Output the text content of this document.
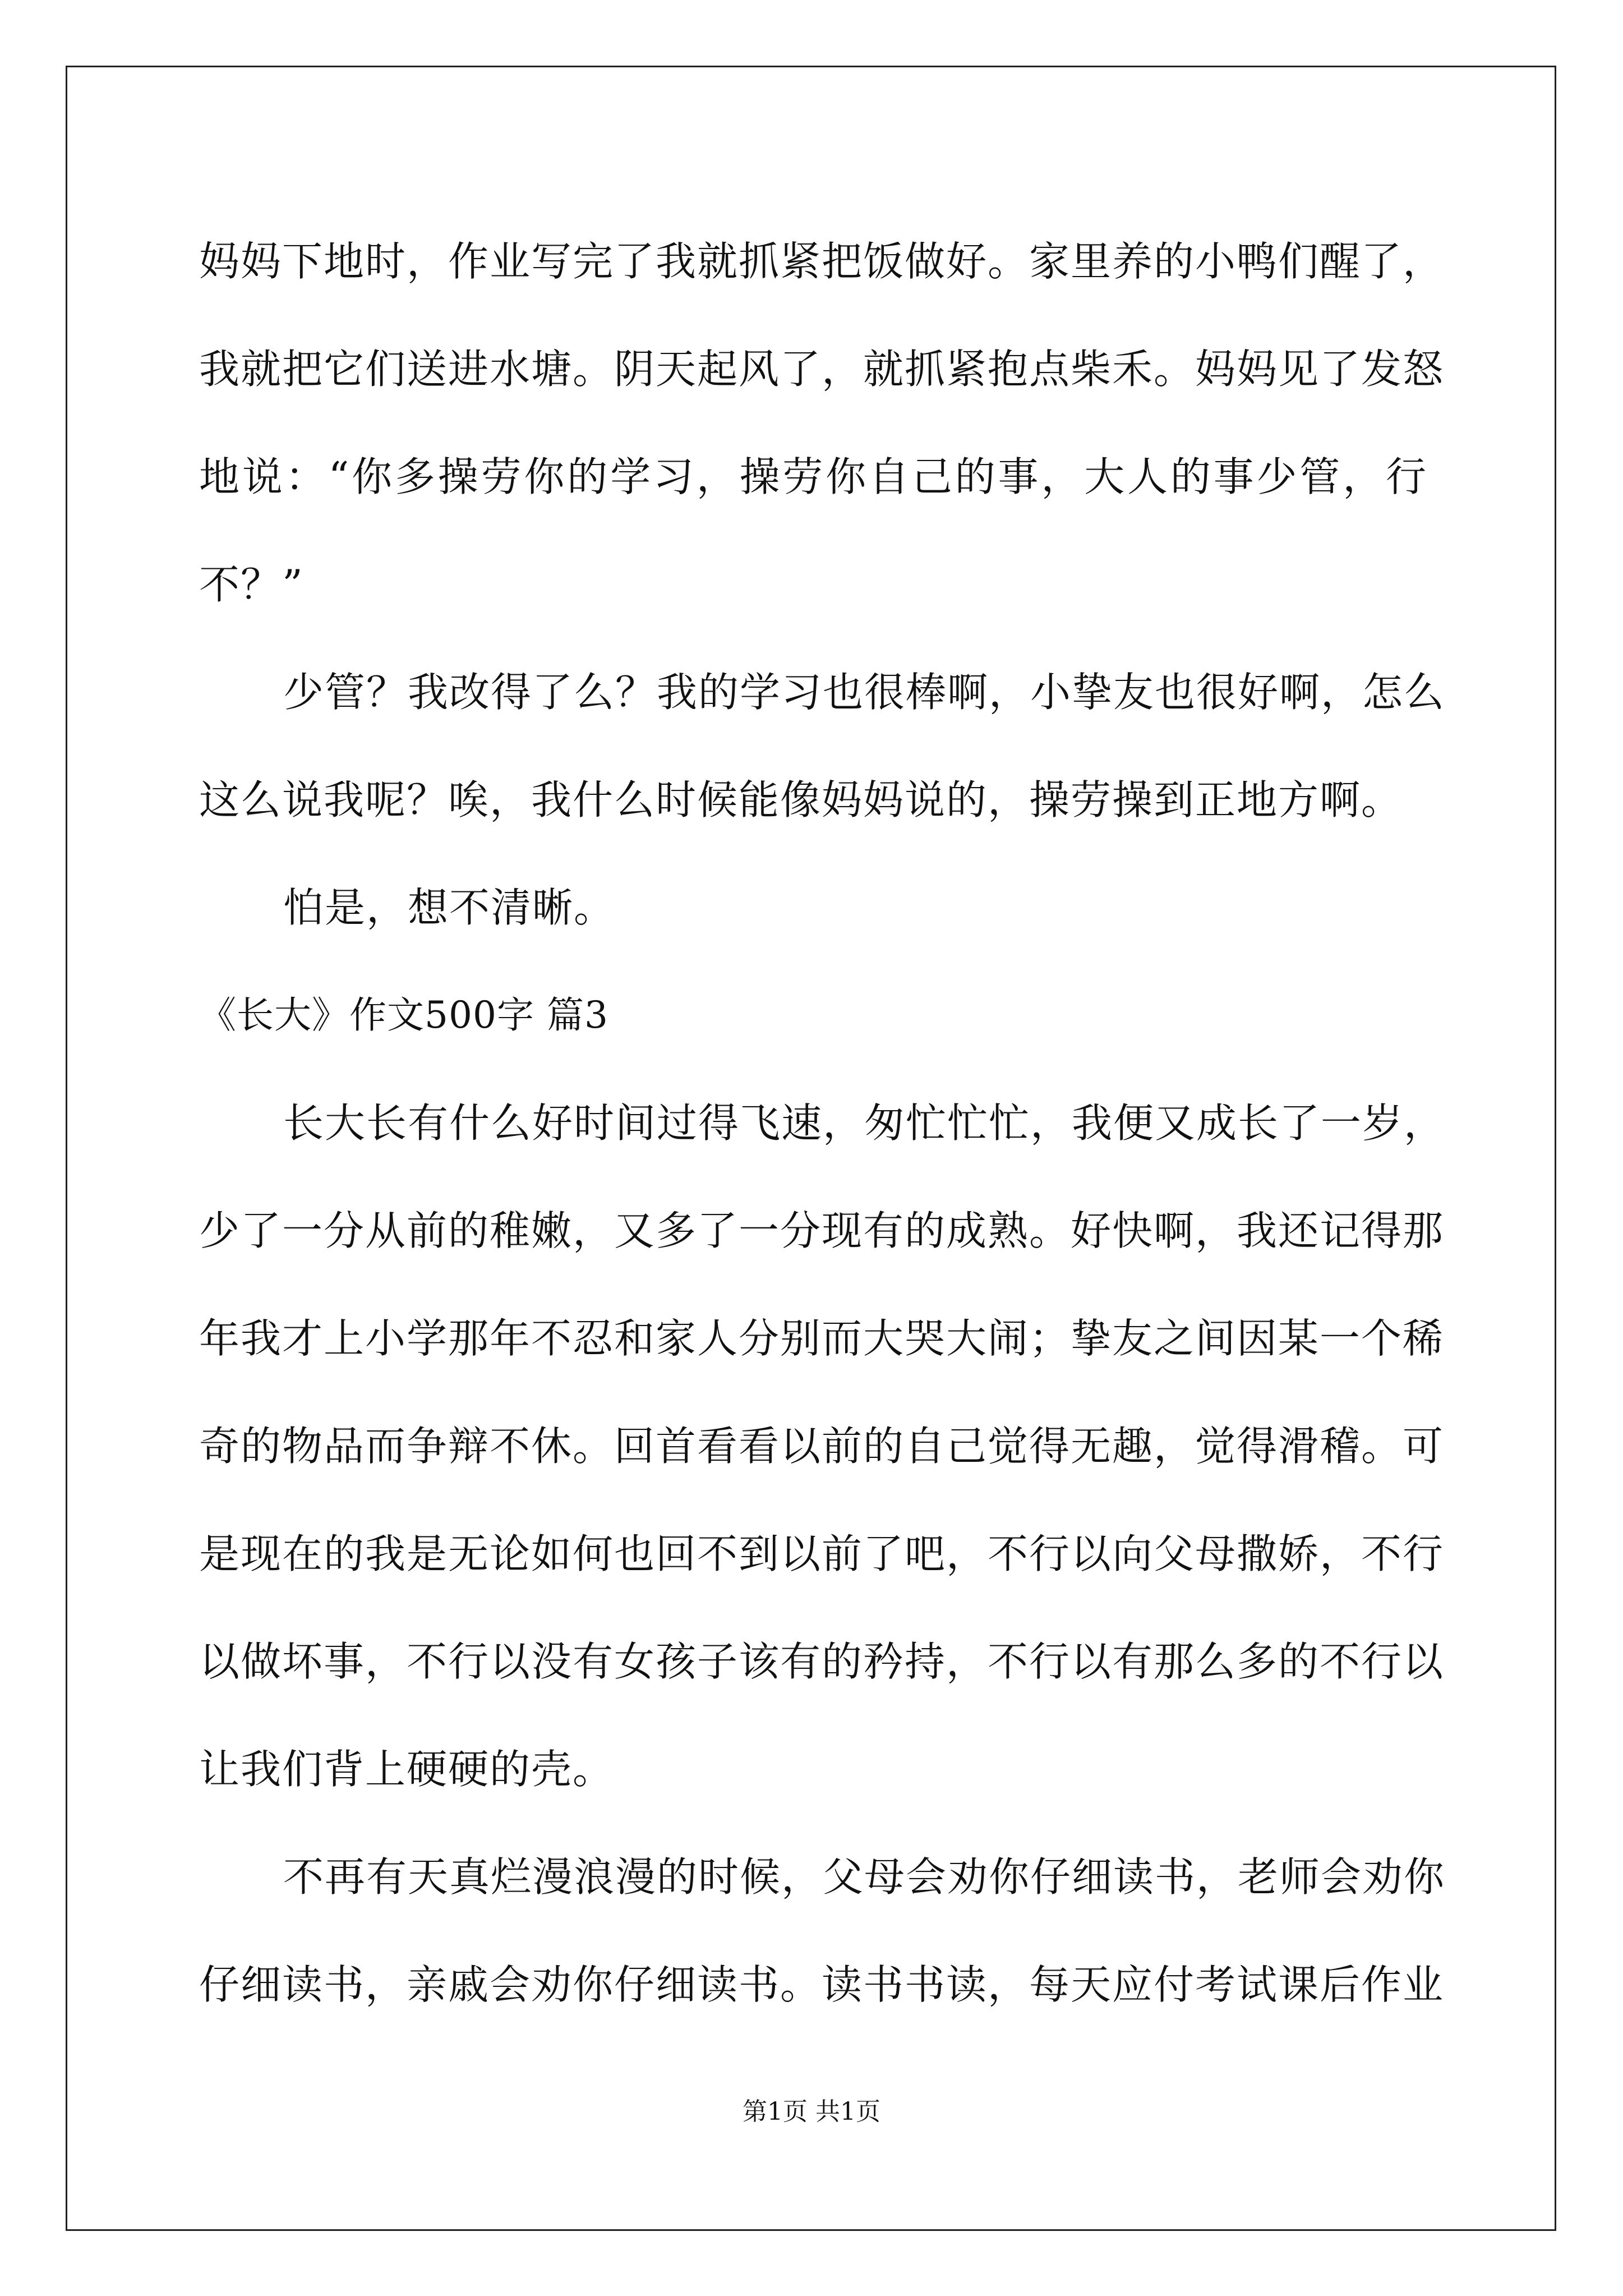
妈妈下地时，作业写完了我就抓紧把饭做好。家里养的小鸭们醒了，
我就把它们送进水塘。阴天起风了，就抓紧抱点柴禾。妈妈见了发怒
地说：“你多操劳你的学习，操劳你自己的事，大人的事少管，行
不？”
少管？我改得了么？我的学习也很棒啊，小挚友也很好啊，怎么
这么说我呢？唉，我什么时候能像妈妈说的，操劳操到正地方啊。
怕是，想不清晰。
《长大》作文500字 篇3
长大长有什么好时间过得飞速，匆忙忙忙，我便又成长了一岁，
少了一分从前的稚嫩，又多了一分现有的成熟。好快啊，我还记得那
年我才上小学那年不忍和家人分别而大哭大闹；挚友之间因某一个稀
奇的物品而争辩不休。回首看看以前的自己觉得无趣，觉得滑稽。可
是现在的我是无论如何也回不到以前了吧，不行以向父母撒娇，不行
以做坏事，不行以没有女孩子该有的矜持，不行以有那么多的不行以
让我们背上硬硬的壳。
不再有天真烂漫浪漫的时候，父母会劝你仔细读书，老师会劝你
仔细读书，亲戚会劝你仔细读书。读书书读，每天应付考试课后作业
第1页 共1页
